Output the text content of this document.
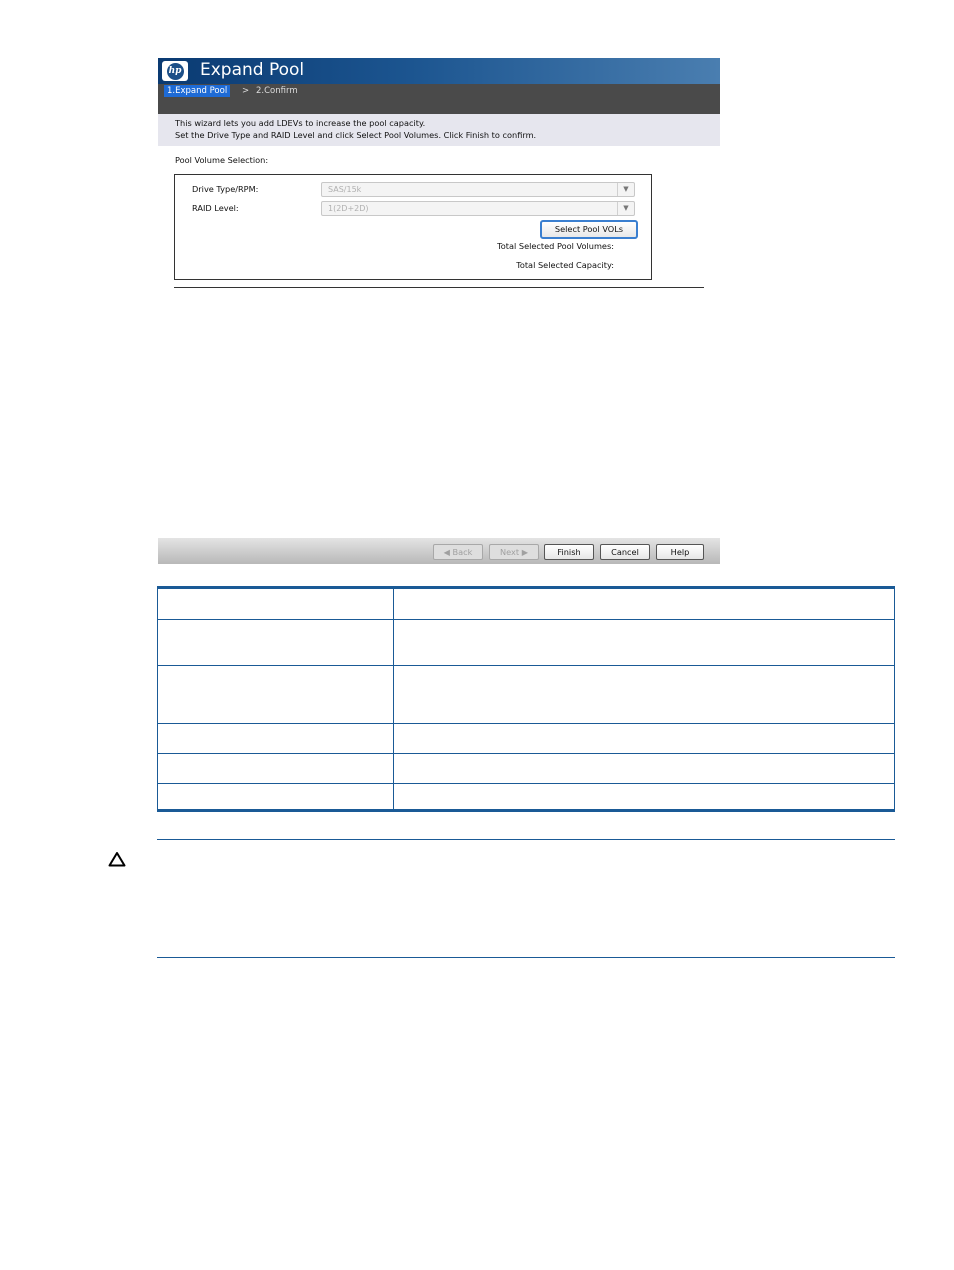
hp Expand Pool
1.Expand Pool	> 2.Confirm
This wizard lets you add LDEVs to increase the pool capacity.
Set the Drive Type and RAID Level and click Select Pool Volumes. Click Finish to confirm.
Pool Volume Selection:
Drive Type/RPM:	SAS/15k	▼
RAID Level:	1(2D+2D)	▼
Select Pool VOLs
Total Selected Pool Volumes:
Total Selected Capacity:
◀ Back	Next ▶	Finish	Cancel	Help
